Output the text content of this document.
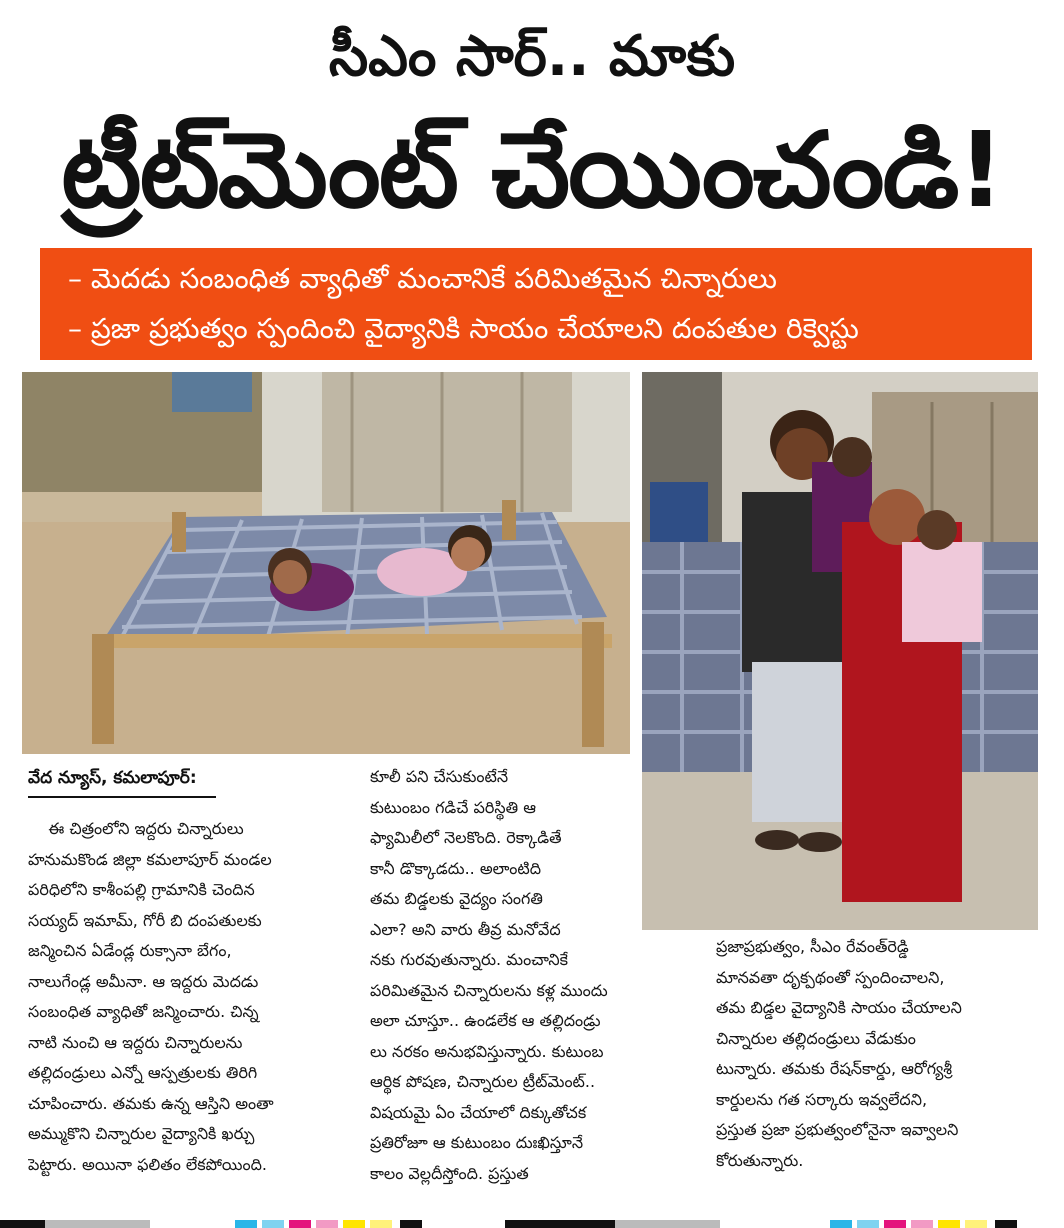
సీఎం సార్.. మాకు
ట్రీట్‌మెంట్ చేయించండి!
– మెదడు సంబంధిత వ్యాధితో మంచానికే పరిమితమైన చిన్నారులు
– ప్రజా ప్రభుత్వం స్పందించి వైద్యానికి సాయం చేయాలని దంపతుల రిక్వెస్టు
వేద న్యూస్, కమలాపూర్:
ఈ చిత్రంలోని ఇద్దరు చిన్నారులు
హనుమకొండ జిల్లా కమలాపూర్ మండల
పరిధిలోని కాశీంపల్లి గ్రామానికి చెందిన
సయ్యద్ ఇమామ్, గోరీ బి దంపతులకు
జన్మించిన ఏడేండ్ల రుక్సానా బేగం,
నాలుగేండ్ల అమీనా. ఆ ఇద్దరు మెదడు
సంబంధిత వ్యాధితో జన్మించారు. చిన్న
నాటి నుంచి ఆ ఇద్దరు చిన్నారులను
తల్లిదండ్రులు ఎన్నో ఆస్పత్రులకు తిరిగి
చూపించారు. తమకు ఉన్న ఆస్తిని అంతా
అమ్ముకొని చిన్నారుల వైద్యానికి ఖర్చు
పెట్టారు. అయినా ఫలితం లేకపోయింది.
కూలీ పని చేసుకుంటేనే
కుటుంబం గడిచే పరిస్థితి ఆ
ఫ్యామిలీలో నెలకొంది. రెక్కాడితే
కానీ డొక్కాడదు.. అలాంటిది
తమ బిడ్డలకు వైద్యం సంగతి
ఎలా? అని వారు తీవ్ర మనోవేద
నకు గురవుతున్నారు. మంచానికే
పరిమితమైన చిన్నారులను కళ్ల ముందు
అలా చూస్తూ.. ఉండలేక ఆ తల్లిదండ్రు
లు నరకం అనుభవిస్తున్నారు. కుటుంబ
ఆర్థిక పోషణ, చిన్నారుల ట్రీట్‌మెంట్..
విషయమై ఏం చేయాలో దిక్కుతోచక
ప్రతిరోజూ ఆ కుటుంబం దుఃఖిస్తూనే
కాలం వెల్లదీస్తోంది. ప్రస్తుత
ప్రజాప్రభుత్వం, సీఎం రేవంత్‌రెడ్డి
మానవతా దృక్పథంతో స్పందించాలని,
తమ బిడ్డల వైద్యానికి సాయం చేయాలని
చిన్నారుల తల్లిదండ్రులు వేడుకుం
టున్నారు. తమకు రేషన్‌కార్డు, ఆరోగ్యశ్రీ
కార్డులను గత సర్కారు ఇవ్వలేదని,
ప్రస్తుత ప్రజా ప్రభుత్వంలోనైనా ఇవ్వాలని
కోరుతున్నారు.
